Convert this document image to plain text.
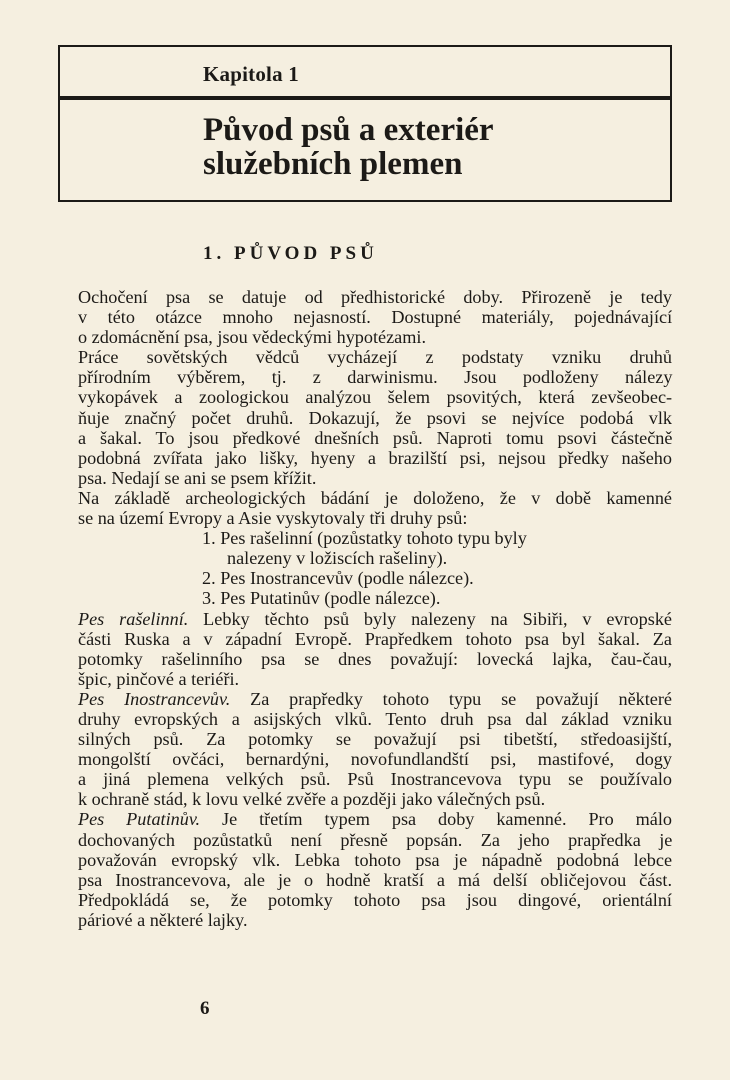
Kapitola 1
Původ psů a exteriér
služebních plemen
1. PŮVOD PSŮ
Ochočení psa se datuje od předhistorické doby. Přirozeně je tedy
v této otázce mnoho nejasností. Dostupné materiály, pojednávající
o zdomácnění psa, jsou vědeckými hypotézami.
Práce sovětských vědců vycházejí z podstaty vzniku druhů
přírodním výběrem, tj. z darwinismu. Jsou podloženy nálezy
vykopávek a zoologickou analýzou šelem psovitých, která zevšeobec-
ňuje značný počet druhů. Dokazují, že psovi se nejvíce podobá vlk
a šakal. To jsou předkové dnešních psů. Naproti tomu psovi částečně
podobná zvířata jako lišky, hyeny a brazilští psi, nejsou předky našeho
psa. Nedají se ani se psem křížit.
Na základě archeologických bádání je doloženo, že v době kamenné
se na území Evropy a Asie vyskytovaly tři druhy psů:
1. Pes rašelinní (pozůstatky tohoto typu byly
nalezeny v ložiscích rašeliny).
2. Pes Inostrancevův (podle nálezce).
3. Pes Putatinův (podle nálezce).
Pes rašelinní. Lebky těchto psů byly nalezeny na Sibiři, v evropské
části Ruska a v západní Evropě. Prapředkem tohoto psa byl šakal. Za
potomky rašelinního psa se dnes považují: lovecká lajka, čau-čau,
špic, pinčové a teriéři.
Pes Inostrancevův. Za prapředky tohoto typu se považují některé
druhy evropských a asijských vlků. Tento druh psa dal základ vzniku
silných psů. Za potomky se považují psi tibetští, středoasijští,
mongolští ovčáci, bernardýni, novofundlandští psi, mastifové, dogy
a jiná plemena velkých psů. Psů Inostrancevova typu se používalo
k ochraně stád, k lovu velké zvěře a později jako válečných psů.
Pes Putatinův. Je třetím typem psa doby kamenné. Pro málo
dochovaných pozůstatků není přesně popsán. Za jeho prapředka je
považován evropský vlk. Lebka tohoto psa je nápadně podobná lebce
psa Inostrancevova, ale je o hodně kratší a má delší obličejovou část.
Předpokládá se, že potomky tohoto psa jsou dingové, orientální
páriové a některé lajky.
6
